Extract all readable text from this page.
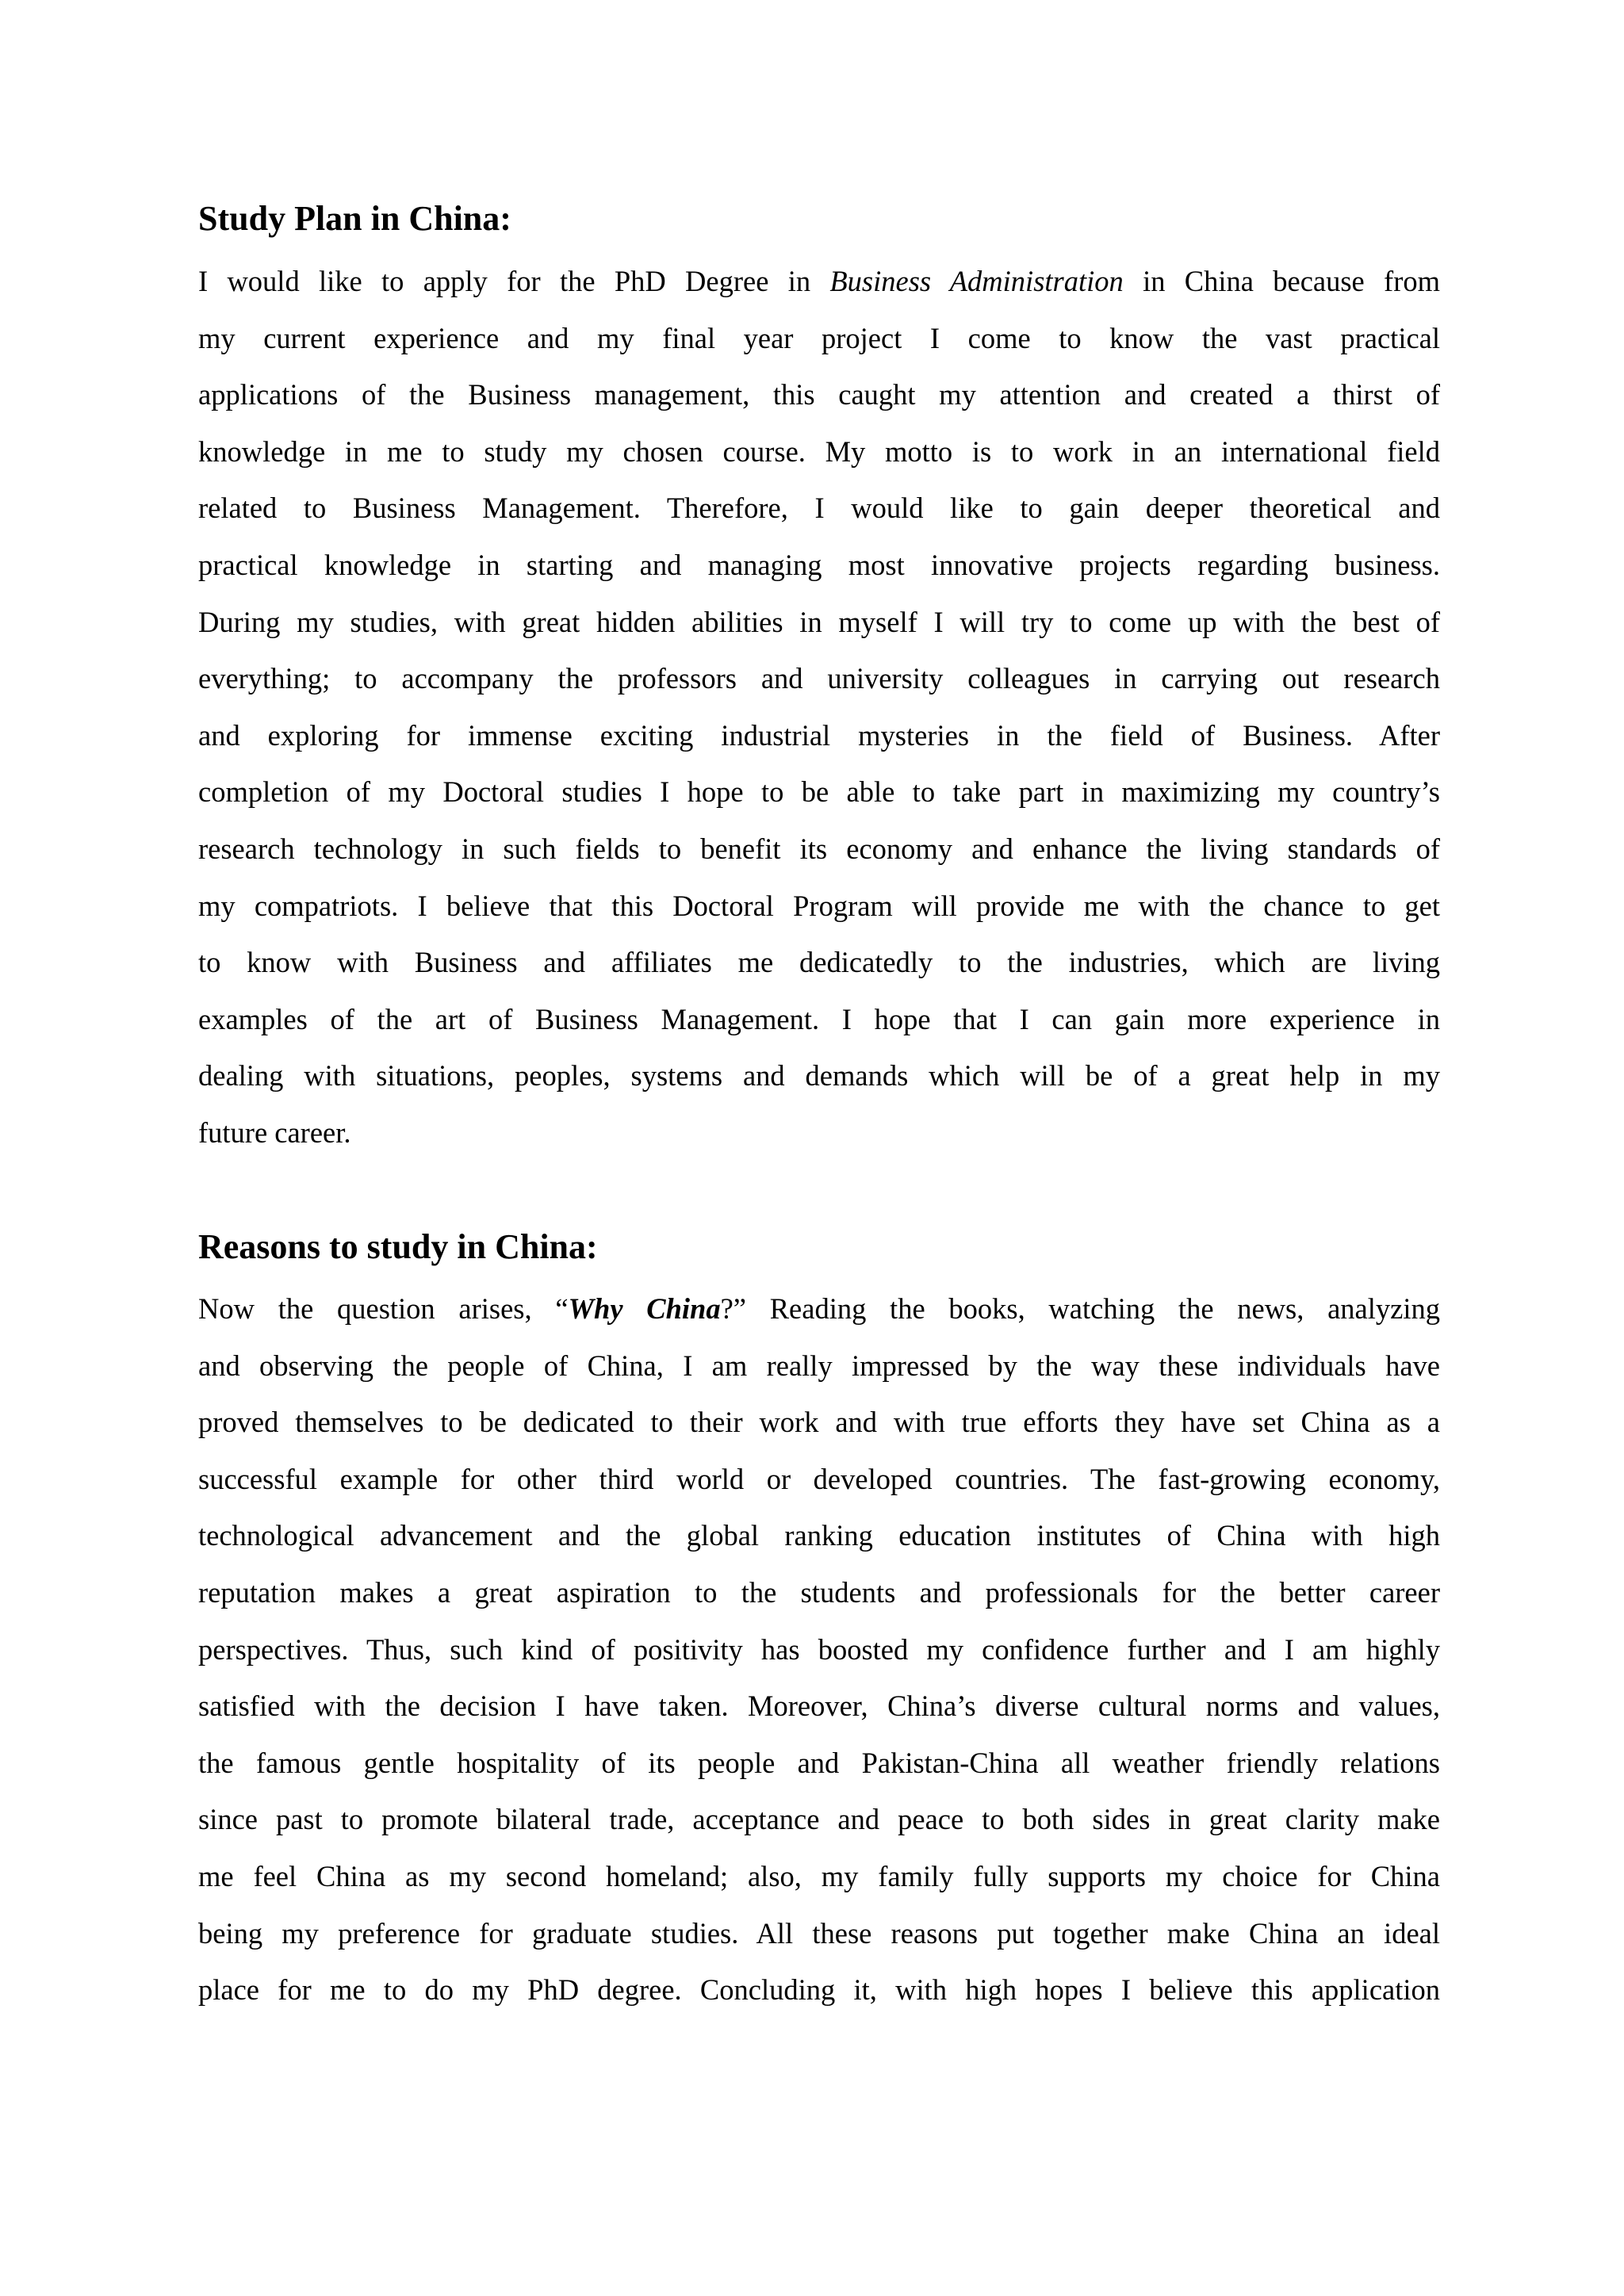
Study Plan in China:
I would like to apply for the PhD Degree in Business Administration in China because from
my current experience and my final year project I come to know the vast practical
applications of the Business management, this caught my attention and created a thirst of
knowledge in me to study my chosen course. My motto is to work in an international field
related to Business Management. Therefore, I would like to gain deeper theoretical and
practical knowledge in starting and managing most innovative projects regarding business.
During my studies, with great hidden abilities in myself I will try to come up with the best of
everything; to accompany the professors and university colleagues in carrying out research
and exploring for immense exciting industrial mysteries in the field of Business. After
completion of my Doctoral studies I hope to be able to take part in maximizing my country’s
research technology in such fields to benefit its economy and enhance the living standards of
my compatriots. I believe that this Doctoral Program will provide me with the chance to get
to know with Business and affiliates me dedicatedly to the industries, which are living
examples of the art of Business Management. I hope that I can gain more experience in
dealing with situations, peoples, systems and demands which will be of a great help in my
future career.
Reasons to study in China:
Now the question arises, “Why China?” Reading the books, watching the news, analyzing
and observing the people of China, I am really impressed by the way these individuals have
proved themselves to be dedicated to their work and with true efforts they have set China as a
successful example for other third world or developed countries. The fast-growing economy,
technological advancement and the global ranking education institutes of China with high
reputation makes a great aspiration to the students and professionals for the better career
perspectives. Thus, such kind of positivity has boosted my confidence further and I am highly
satisfied with the decision I have taken. Moreover, China’s diverse cultural norms and values,
the famous gentle hospitality of its people and Pakistan-China all weather friendly relations
since past to promote bilateral trade, acceptance and peace to both sides in great clarity make
me feel China as my second homeland; also, my family fully supports my choice for China
being my preference for graduate studies. All these reasons put together make China an ideal
place for me to do my PhD degree. Concluding it, with high hopes I believe this application
